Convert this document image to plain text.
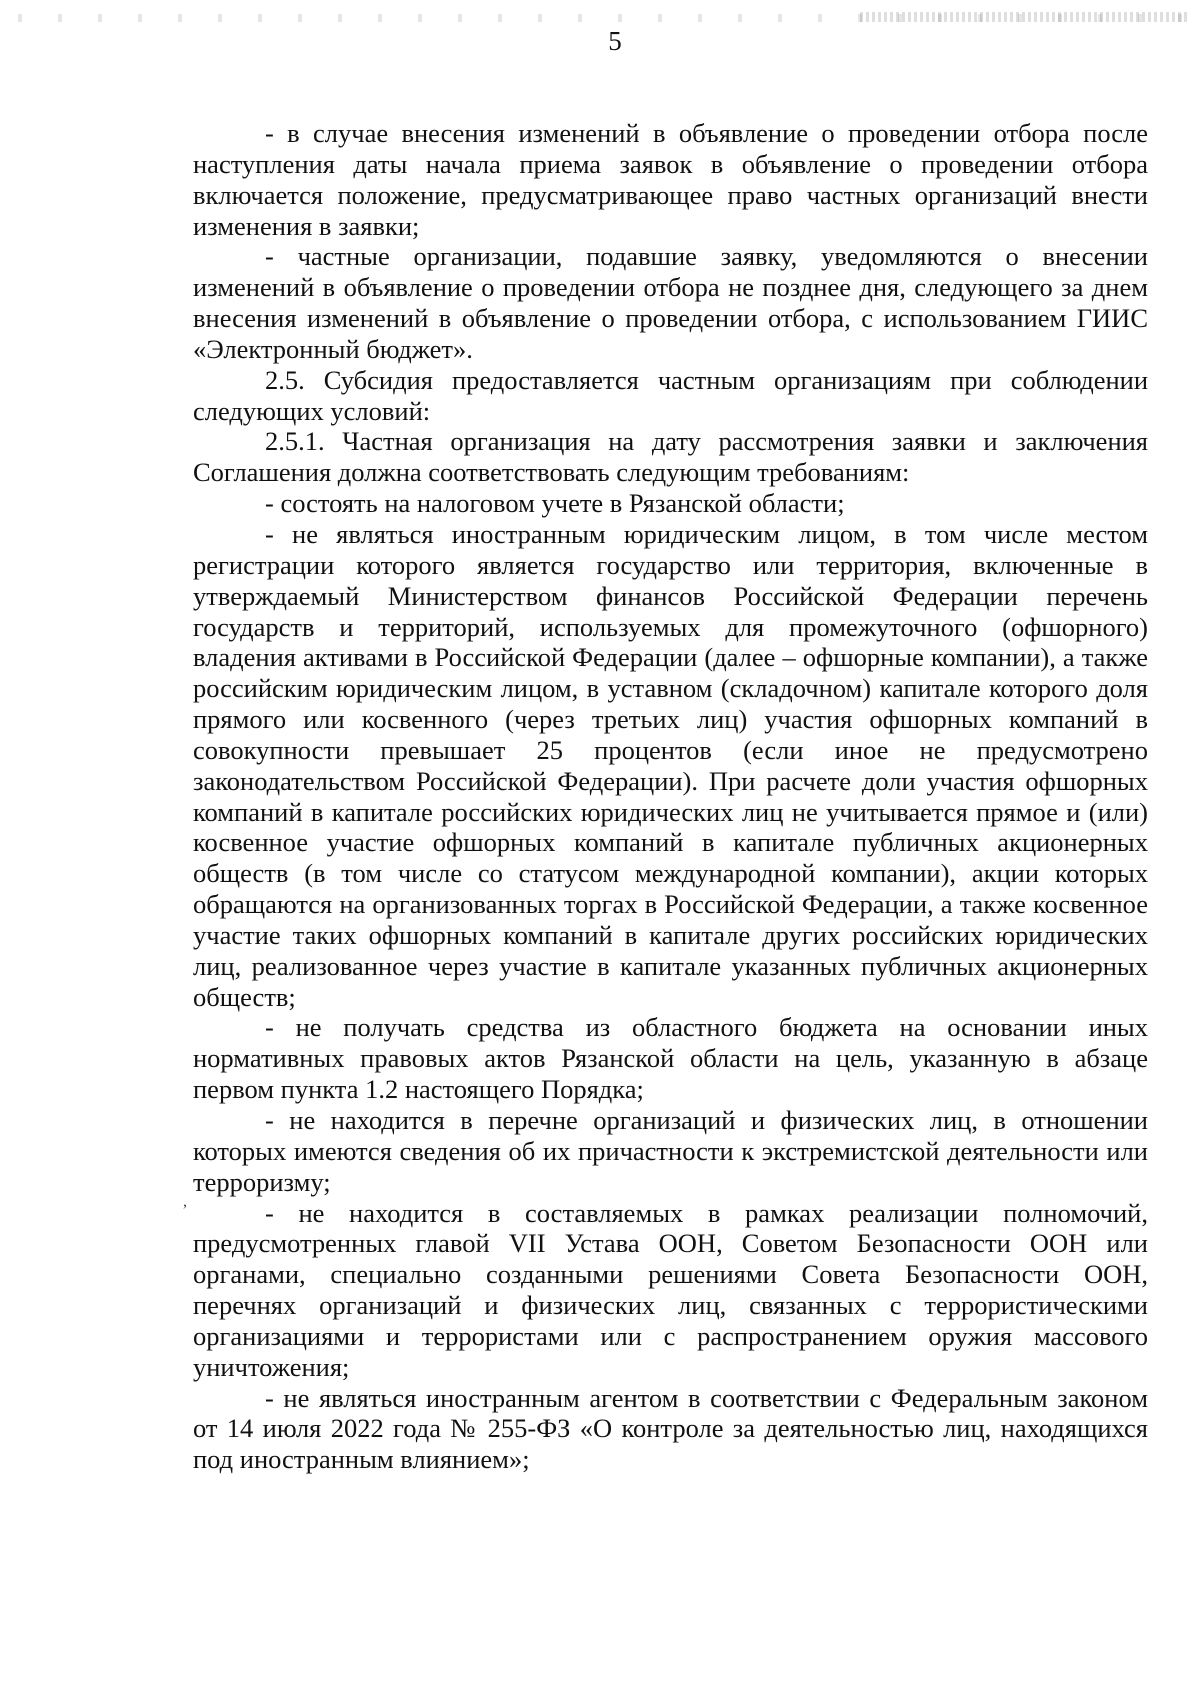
5

- в случае внесения изменений в объявление о проведении отбора после наступления даты начала приема заявок в объявление о проведении отбора включается положение, предусматривающее право частных организаций внести изменения в заявки;

- частные организации, подавшие заявку, уведомляются о внесении изменений в объявление о проведении отбора не позднее дня, следующего за днем внесения изменений в объявление о проведении отбора, с использованием ГИИС «Электронный бюджет».

2.5. Субсидия предоставляется частным организациям при соблюдении следующих условий:

2.5.1. Частная организация на дату рассмотрения заявки и заключения Соглашения должна соответствовать следующим требованиям:

- состоять на налоговом учете в Рязанской области;

- не являться иностранным юридическим лицом, в том числе местом регистрации которого является государство или территория, включенные в утверждаемый Министерством финансов Российской Федерации перечень государств и территорий, используемых для промежуточного (офшорного) владения активами в Российской Федерации (далее – офшорные компании), а также российским юридическим лицом, в уставном (складочном) капитале которого доля прямого или косвенного (через третьих лиц) участия офшорных компаний в совокупности превышает 25 процентов (если иное не предусмотрено законодательством Российской Федерации). При расчете доли участия офшорных компаний в капитале российских юридических лиц не учитывается прямое и (или) косвенное участие офшорных компаний в капитале публичных акционерных обществ (в том числе со статусом международной компании), акции которых обращаются на организованных торгах в Российской Федерации, а также косвенное участие таких офшорных компаний в капитале других российских юридических лиц, реализованное через участие в капитале указанных публичных акционерных обществ;

- не получать средства из областного бюджета на основании иных нормативных правовых актов Рязанской области на цель, указанную в абзаце первом пункта 1.2 настоящего Порядка;

- не находится в перечне организаций и физических лиц, в отношении которых имеются сведения об их причастности к экстремистской деятельности или терроризму;

- не находится в составляемых в рамках реализации полномочий, предусмотренных главой VII Устава ООН, Советом Безопасности ООН или органами, специально созданными решениями Совета Безопасности ООН, перечнях организаций и физических лиц, связанных с террористическими организациями и террористами или с распространением оружия массового уничтожения;

- не являться иностранным агентом в соответствии с Федеральным законом от 14 июля 2022 года № 255-ФЗ «О контроле за деятельностью лиц, находящихся под иностранным влиянием»;

,
